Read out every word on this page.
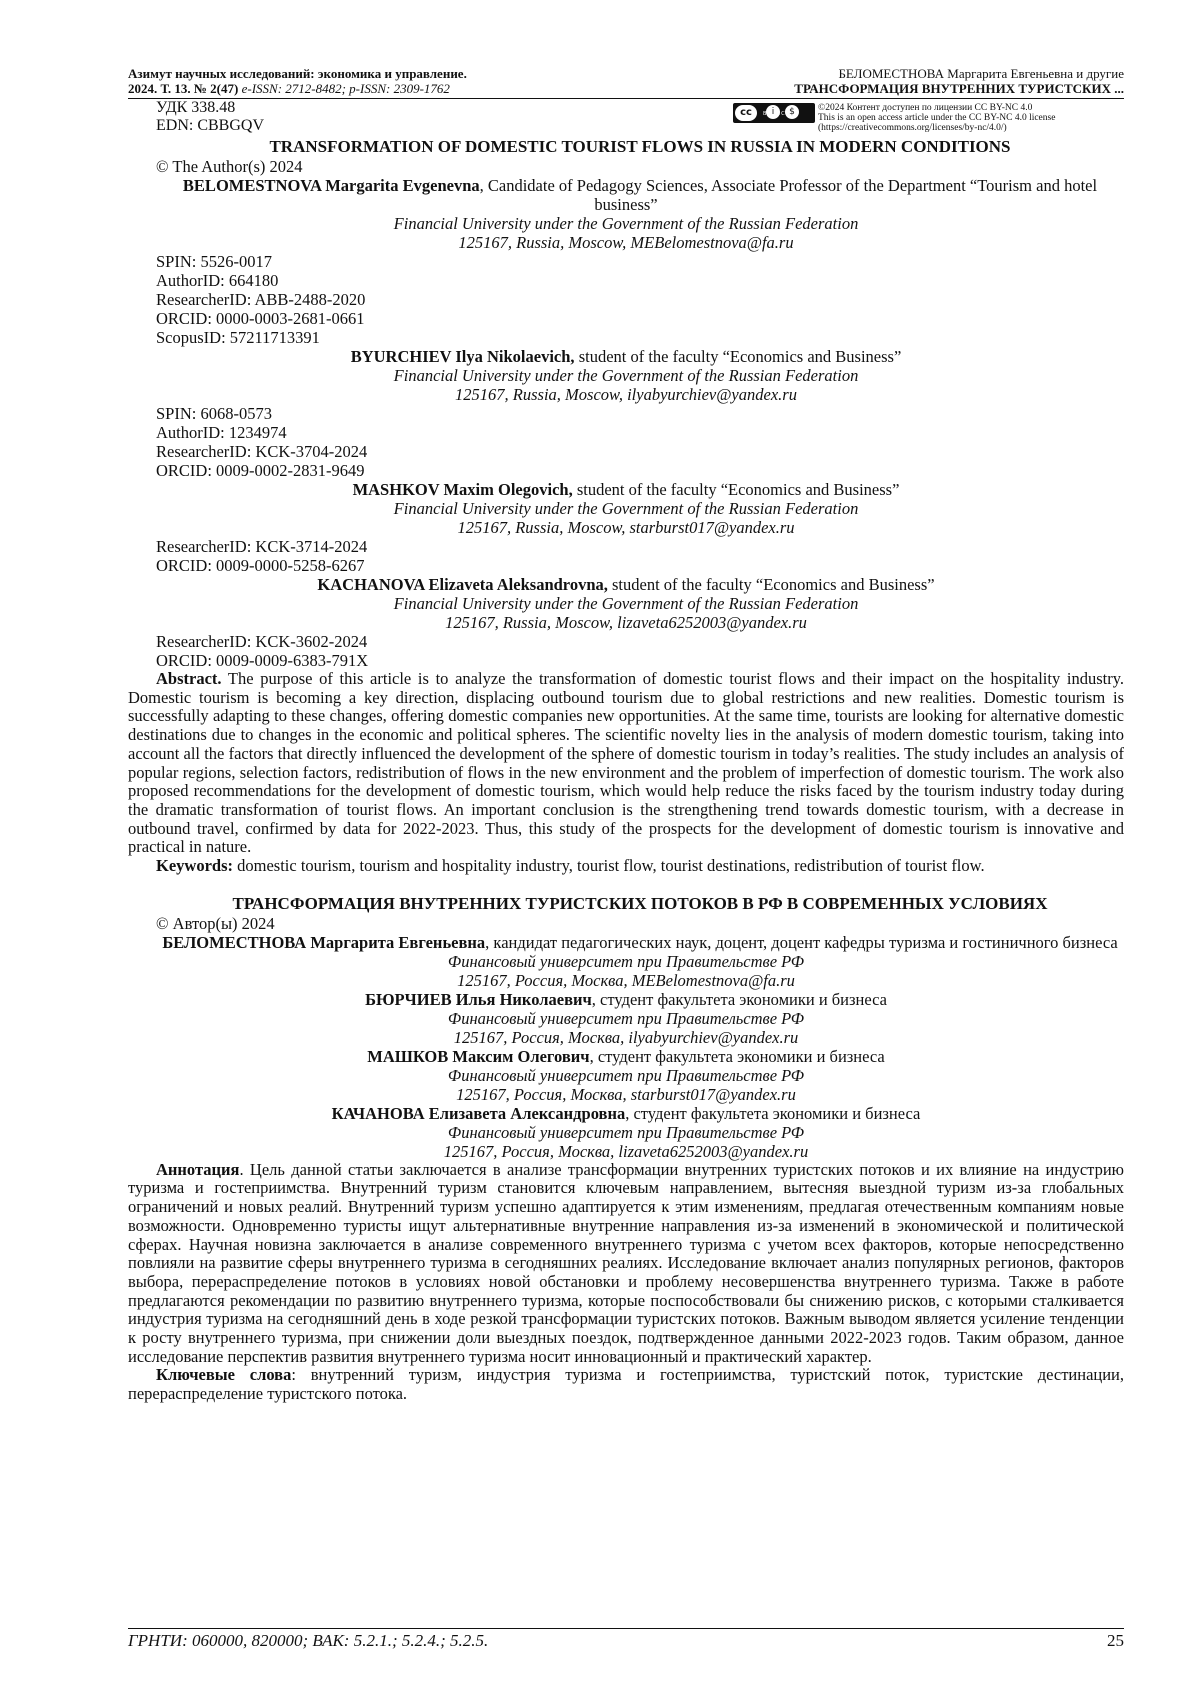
Азимут научных исследований: экономика и управление.
2024. Т. 13. № 2(47) e-ISSN: 2712-8482; p-ISSN: 2309-1762
БЕЛОМЕСТНОВА Маргарита Евгеньевна и другие
ТРАНСФОРМАЦИЯ ВНУТРЕННИХ ТУРИСТСКИХ ...
УДК 338.48
EDN: CBBGQV
cc	i	$
BY NC
©2024 Контент доступен по лицензии CC BY-NC 4.0
This is an open access article under the CC BY-NC 4.0 license
(https://creativecommons.org/licenses/by-nc/4.0/)
TRANSFORMATION OF DOMESTIC TOURIST FLOWS IN RUSSIA IN MODERN CONDITIONS
© The Author(s) 2024
BELOMESTNOVA Margarita Evgenevna, Candidate of Pedagogy Sciences, Associate Professor of the Department “Tourism and hotel business”
Financial University under the Government of the Russian Federation
125167, Russia, Moscow, MEBelomestnova@fa.ru
SPIN: 5526-0017
AuthorID: 664180
ResearcherID: ABB-2488-2020
ORCID: 0000-0003-2681-0661
ScopusID: 57211713391
BYURCHIEV Ilya Nikolaevich, student of the faculty “Economics and Business”
Financial University under the Government of the Russian Federation
125167, Russia, Moscow, ilyabyurchiev@yandex.ru
SPIN: 6068-0573
AuthorID: 1234974
ResearcherID: KCK-3704-2024
ORCID: 0009-0002-2831-9649
MASHKOV Maxim Olegovich, student of the faculty “Economics and Business”
Financial University under the Government of the Russian Federation
125167, Russia, Moscow, starburst017@yandex.ru
ResearcherID: KCK-3714-2024
ORCID: 0009-0000-5258-6267
KACHANOVA Elizaveta Aleksandrovna, student of the faculty “Economics and Business”
Financial University under the Government of the Russian Federation
125167, Russia, Moscow, lizaveta6252003@yandex.ru
ResearcherID: KCK-3602-2024
ORCID: 0009-0009-6383-791X
Abstract. The purpose of this article is to analyze the transformation of domestic tourist flows and their impact on the hospitality industry. Domestic tourism is becoming a key direction, displacing outbound tourism due to global restrictions and new realities. Domestic tourism is successfully adapting to these changes, offering domestic companies new opportunities. At the same time, tourists are looking for alternative domestic destinations due to changes in the economic and political spheres. The scientific novelty lies in the analysis of modern domestic tourism, taking into account all the factors that directly influenced the development of the sphere of domestic tourism in today’s realities. The study includes an analysis of popular regions, selection factors, redistribution of flows in the new environment and the problem of imperfection of domestic tourism. The work also proposed recommendations for the development of domestic tourism, which would help reduce the risks faced by the tourism industry today during the dramatic transformation of tourist flows. An important conclusion is the strengthening trend towards domestic tourism, with a decrease in outbound travel, confirmed by data for 2022-2023. Thus, this study of the prospects for the development of domestic tourism is innovative and practical in nature.
Keywords: domestic tourism, tourism and hospitality industry, tourist flow, tourist destinations, redistribution of tourist flow.
ТРАНСФОРМАЦИЯ ВНУТРЕННИХ ТУРИСТСКИХ ПОТОКОВ В РФ В СОВРЕМЕННЫХ УСЛОВИЯХ
© Автор(ы) 2024
БЕЛОМЕСТНОВА Маргарита Евгеньевна, кандидат педагогических наук, доцент, доцент кафедры туризма и гостиничного бизнеса
Финансовый университет при Правительстве РФ
125167, Россия, Москва, MEBelomestnova@fa.ru
БЮРЧИЕВ Илья Николаевич, студент факультета экономики и бизнеса
Финансовый университет при Правительстве РФ
125167, Россия, Москва, ilyabyurchiev@yandex.ru
МАШКОВ Максим Олегович, студент факультета экономики и бизнеса
Финансовый университет при Правительстве РФ
125167, Россия, Москва, starburst017@yandex.ru
КАЧАНОВА Елизавета Александровна, студент факультета экономики и бизнеса
Финансовый университет при Правительстве РФ
125167, Россия, Москва, lizaveta6252003@yandex.ru
Аннотация. Цель данной статьи заключается в анализе трансформации внутренних туристских потоков и их влияние на индустрию туризма и гостеприимства. Внутренний туризм становится ключевым направлением, вытесняя выездной туризм из-за глобальных ограничений и новых реалий. Внутренний туризм успешно адаптируется к этим изменениям, предлагая отечественным компаниям новые возможности. Одновременно туристы ищут альтернативные внутренние направления из-за изменений в экономической и политической сферах. Научная новизна заключается в анализе современного внутреннего туризма с учетом всех факторов, которые непосредственно повлияли на развитие сферы внутреннего туризма в сегодняшних реалиях. Исследование включает анализ популярных регионов, факторов выбора, перераспределение потоков в условиях новой обстановки и проблему несовершенства внутреннего туризма. Также в работе предлагаются рекомендации по развитию внутреннего туризма, которые поспособствовали бы снижению рисков, с которыми сталкивается индустрия туризма на сегодняшний день в ходе резкой трансформации туристских потоков. Важным выводом является усиление тенденции к росту внутреннего туризма, при снижении доли выездных поездок, подтвержденное данными 2022-2023 годов. Таким образом, данное исследование перспектив развития внутреннего туризма носит инновационный и практический характер.
Ключевые слова: внутренний туризм, индустрия туризма и гостеприимства, туристский поток, туристские дестинации, перераспределение туристского потока.
ГРНТИ: 060000, 820000; ВАК: 5.2.1.; 5.2.4.; 5.2.5.	25
